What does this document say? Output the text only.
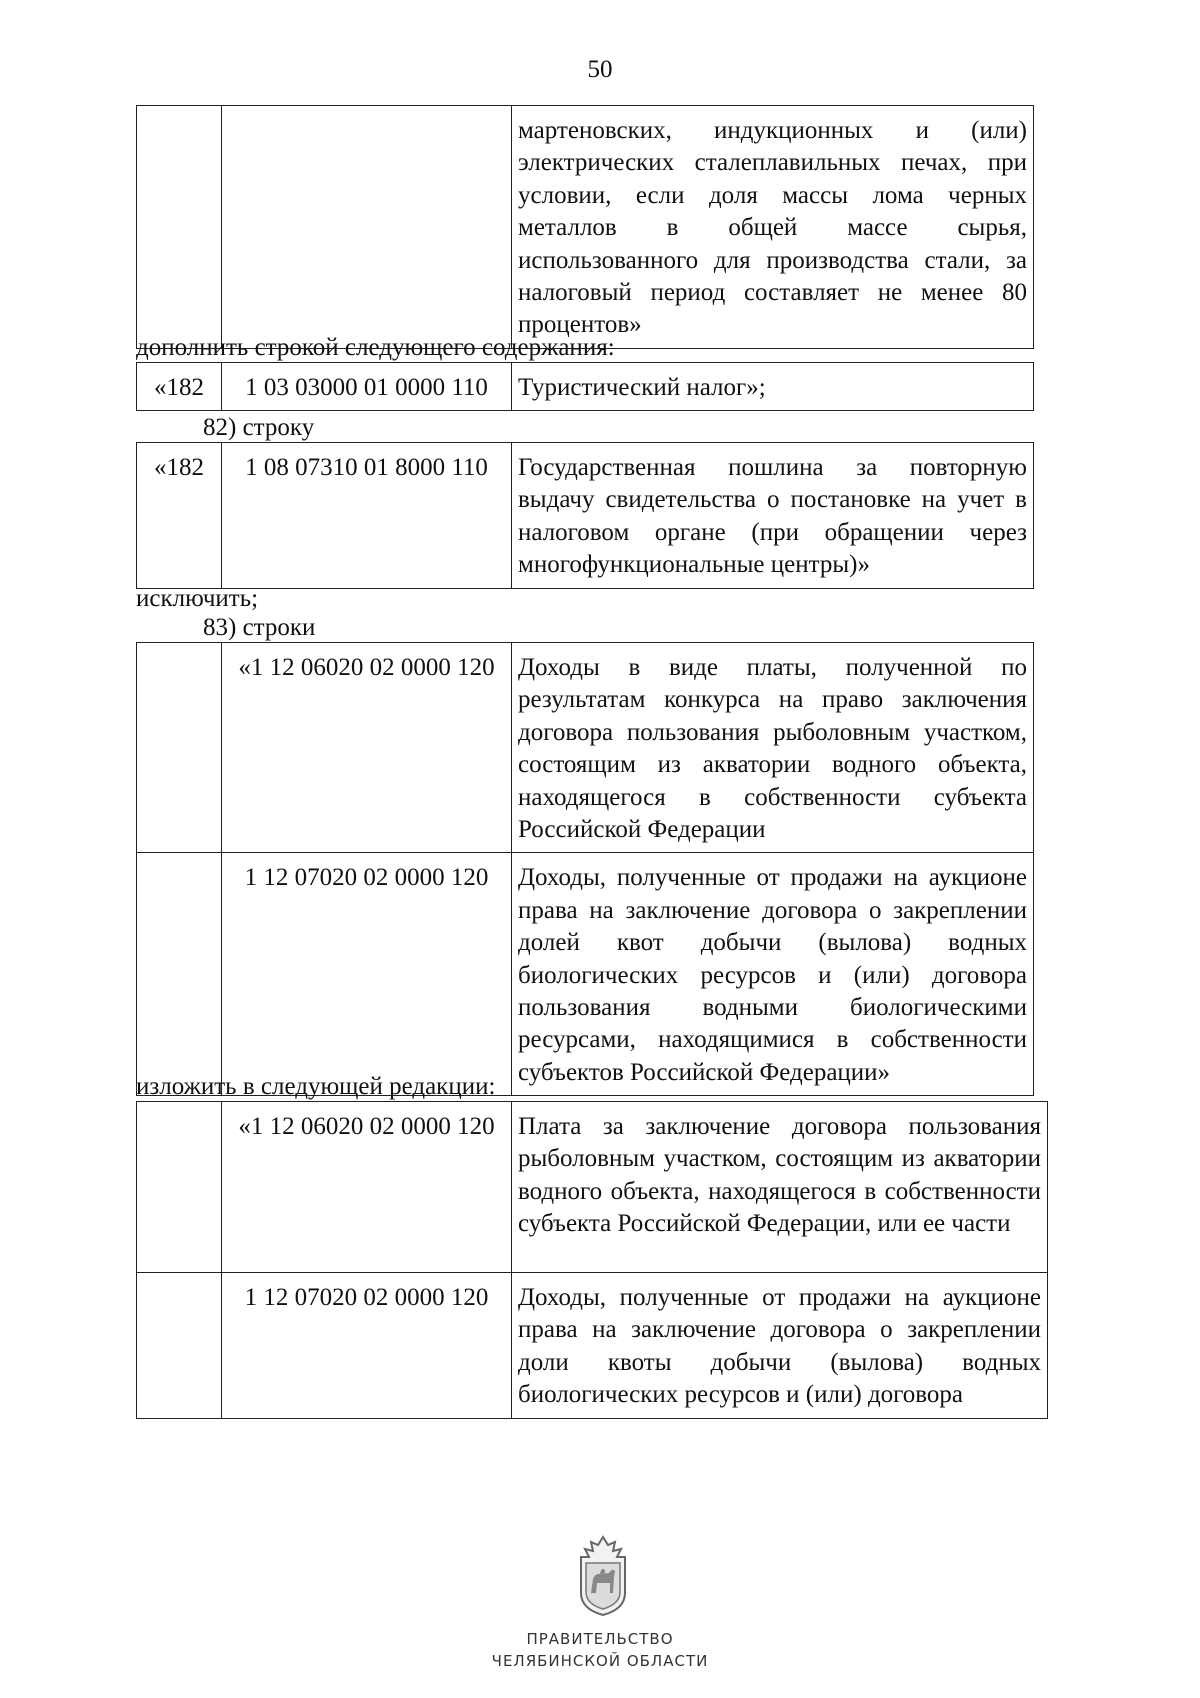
50
		мартеновских, индукционных и (или) электрических сталеплавильных печах, при условии, если доля массы лома черных металлов в общей массе сырья, использованного для производства стали, за налоговый период составляет не менее 80 процентов»
дополнить строкой следующего содержания:
«182	1 03 03000 01 0000 110	Туристический налог»;
82) строку
«182	1 08 07310 01 8000 110	Государственная пошлина за повторную выдачу свидетельства о постановке на учет в налоговом органе (при обращении через многофункциональные центры)»
исключить;
83) строки
	«1 12 06020 02 0000 120	Доходы в виде платы, полученной по результатам конкурса на право заключения договора пользования рыболовным участком, состоящим из акватории водного объекта, находящегося в собственности субъекта Российской Федерации
	1 12 07020 02 0000 120	Доходы, полученные от продажи на аукционе права на заключение договора о закреплении долей квот добычи (вылова) водных биологических ресурсов и (или) договора пользования водными биологическими ресурсами, находящимися в собственности субъектов Российской Федерации»
изложить в следующей редакции:
	«1 12 06020 02 0000 120	Плата за заключение договора пользования рыболовным участком, состоящим из акватории водного объекта, находящегося в собственности субъекта Российской Федерации, или ее части
	1 12 07020 02 0000 120	Доходы, полученные от продажи на аукционе права на заключение договора о закреплении доли квоты добычи (вылова) водных биологических ресурсов и (или) договора
ПРАВИТЕЛЬСТВО
ЧЕЛЯБИНСКОЙ ОБЛАСТИ
